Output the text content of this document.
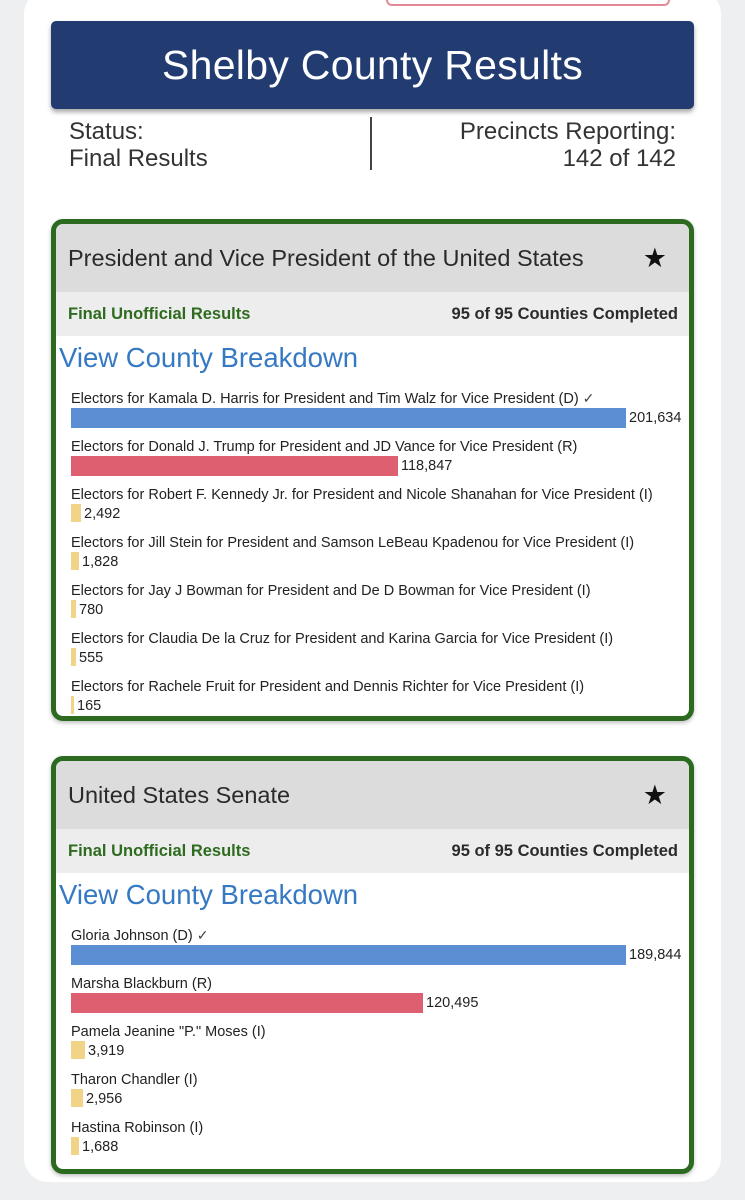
Shelby County Results
Status:
Final Results
Precincts Reporting:
142 of 142
President and Vice President of the United States ★
Final Unofficial Results	95 of 95 Counties Completed
View County Breakdown
Electors for Kamala D. Harris for President and Tim Walz for Vice President (D) ✓
201,634
Electors for Donald J. Trump for President and JD Vance for Vice President (R)
118,847
Electors for Robert F. Kennedy Jr. for President and Nicole Shanahan for Vice President (I)
2,492
Electors for Jill Stein for President and Samson LeBeau Kpadenou for Vice President (I)
1,828
Electors for Jay J Bowman for President and De D Bowman for Vice President (I)
780
Electors for Claudia De la Cruz for President and Karina Garcia for Vice President (I)
555
Electors for Rachele Fruit for President and Dennis Richter for Vice President (I)
165
United States Senate	★
Final Unofficial Results	95 of 95 Counties Completed
View County Breakdown
Gloria Johnson (D) ✓
189,844
Marsha Blackburn (R)
120,495
Pamela Jeanine "P." Moses (I)
3,919
Tharon Chandler (I)
2,956
Hastina Robinson (I)
1,688
